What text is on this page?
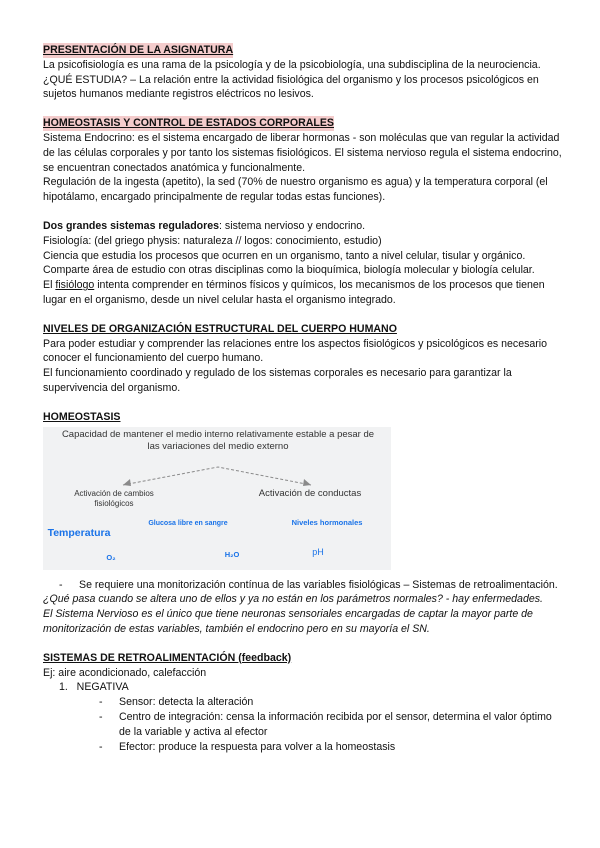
PRESENTACIÓN DE LA ASIGNATURA

La psicofisiología es una rama de la psicología y de la psicobiología, una subdisciplina de la neurociencia.

¿QUÉ ESTUDIA? – La relación entre la actividad fisiológica del organismo y los procesos psicológicos en sujetos humanos mediante registros eléctricos no lesivos.

HOMEOSTASIS Y CONTROL DE ESTADOS CORPORALES

Sistema Endocrino: es el sistema encargado de liberar hormonas - son moléculas que van regular la actividad de las células corporales y por tanto los sistemas fisiológicos. El sistema nervioso regula el sistema endocrino, se encuentran conectados anatómica y funcionalmente.

Regulación de la ingesta (apetito), la sed (70% de nuestro organismo es agua) y la temperatura corporal (el hipotálamo, encargado principalmente de regular todas estas funciones).

Dos grandes sistemas reguladores: sistema nervioso y endocrino.

Fisiología: (del griego physis: naturaleza // logos: conocimiento, estudio)

Ciencia que estudia los procesos que ocurren en un organismo, tanto a nivel celular, tisular y orgánico.

Comparte área de estudio con otras disciplinas como la bioquímica, biología molecular y biología celular.

El fisiólogo intenta comprender en términos físicos y químicos, los mecanismos de los procesos que tienen lugar en el organismo, desde un nivel celular hasta el organismo integrado.

NIVELES DE ORGANIZACIÓN ESTRUCTURAL DEL CUERPO HUMANO

Para poder estudiar y comprender las relaciones entre los aspectos fisiológicos y psicológicos es necesario conocer el funcionamiento del cuerpo humano.

El funcionamiento coordinado y regulado de los sistemas corporales es necesario para garantizar la supervivencia del organismo.

HOMEOSTASIS

Capacidad de mantener el medio interno relativamente estable a pesar de las variaciones del medio externo
Activación de cambios fisiológicos
Activación de conductas
Temperatura
Glucosa libre en sangre	Niveles hormonales
O₂	H₂O	pH
-	Se requiere una monitorización contínua de las variables fisiológicas – Sistemas de retroalimentación.

¿Qué pasa cuando se altera uno de ellos y ya no están en los parámetros normales? - hay enfermedades.

El Sistema Nervioso es el único que tiene neuronas sensoriales encargadas de captar la mayor parte de monitorización de estas variables, también el endocrino pero en su mayoría el SN.

SISTEMAS DE RETROALIMENTACIÓN (feedback)

Ej: aire acondicionado, calefacción

1.   NEGATIVA

-	Sensor: detecta la alteración
-	Centro de integración: censa la información recibida por el sensor, determina el valor óptimo de la variable y activa al efector
-	Efector: produce la respuesta para volver a la homeostasis
